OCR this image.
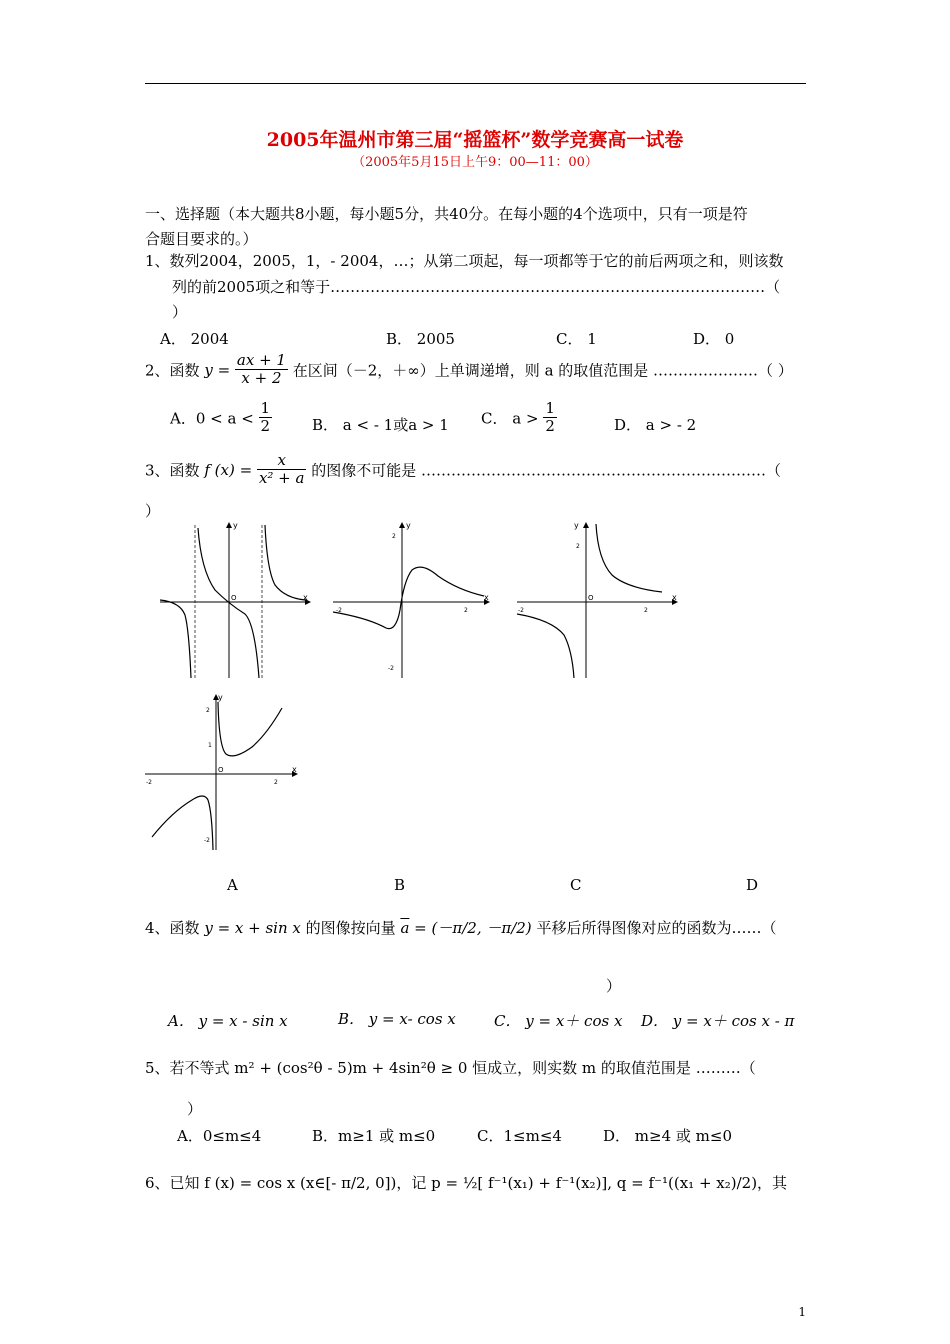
2005年温州市第三届“摇篮杯”数学竞赛高一试卷
（2005年5月15日上午9：00—11：00）
一、选择题（本大题共8小题，每小题5分，共40分。在每小题的4个选项中，只有一项是符
合题目要求的。）
1、数列2004，2005，1，- 2004，…；从第二项起，每一项都等于它的前后两项之和，则该数
列的前2005项之和等于……………………………………………………………………………（
）
A． 2004	B． 2005	C． 1	D． 0
2、函数 $y = \frac{ax + 1}{x + 2}$ 在区间（－2，＋∞）上单调递增，则 a 的取值范围是 …………………（ ）
A．$0 < a < \frac{1}{2}$	B． a < - 1或a > 1 C． $a > \frac{1}{2}$	D． a > - 2
3、函数 f $(x) = \frac{x}{\text{x² + a}}$ 的图像不可能是 ……………………………………………………………（
）
x
y
O	x
y
2
-2
-2	2
x
y
O
2
-2	2
x
y
O
2
1
-2
-2	2
A	B	C	D
4、函数 y = x + sin x 的图像按向量 $\overline{a} = (-\pi/2$, －π/2) 平移后所得图像对应的函数为……（
）
A． y = x - sin x	B． y = x- cos x	C． y = x＋ cos x D． y = x＋ cos x - π
5、若不等式 m² + (cos²θ - 5)m + 4sin²θ ≥ 0 恒成立，则实数 m 的取值范围是 ………（
）
A．0≤m≤4	B．m≥1 或 m≤0	C．1≤m≤4	D． m≥4 或 m≤0
6、已知 f (x) = cos x (x∈[- π/2, 0])，记 p = ½[ f⁻¹(x₁) + f⁻¹(x₂)], q = f⁻¹((x₁ + x₂)/2)，其
1
